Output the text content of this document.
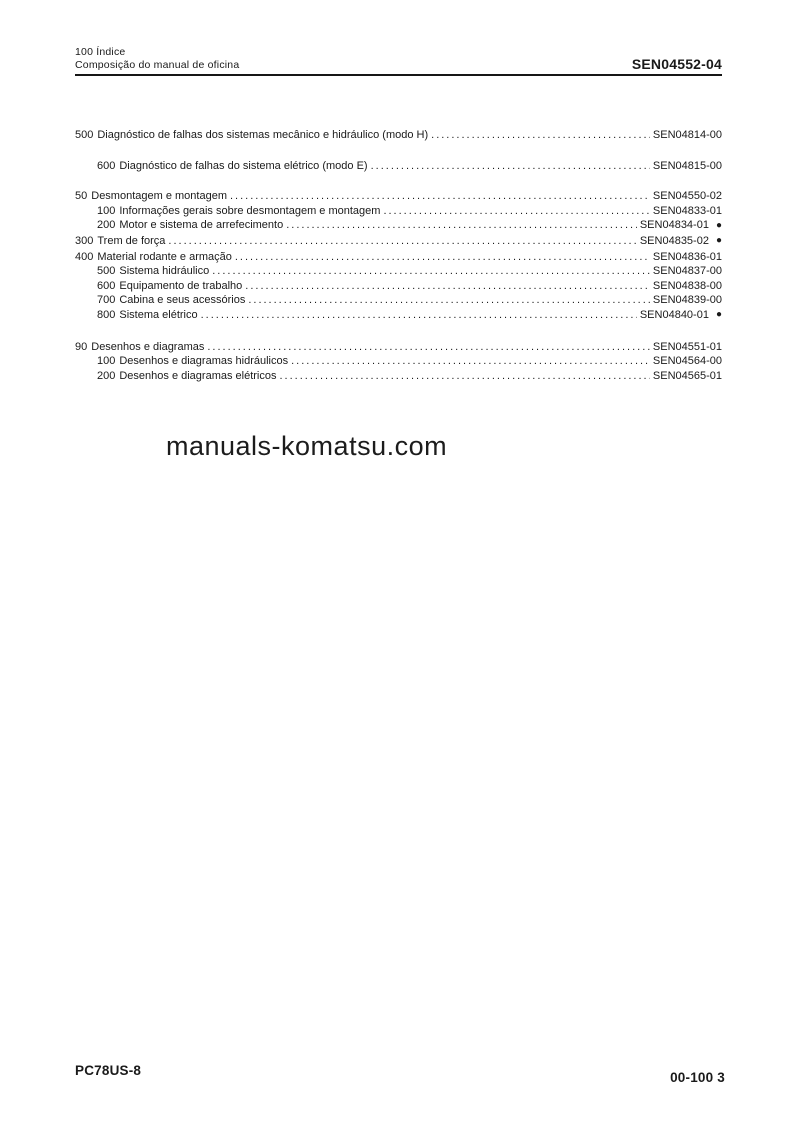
100 Índice
Composição do manual de oficina	SEN04552-04
500 Diagnóstico de falhas dos sistemas mecânico e hidráulico (modo H) .....	SEN04814-00
600 Diagnóstico de falhas do sistema elétrico (modo E) .....	SEN04815-00
50 Desmontagem e montagem .....	SEN04550-02
100 Informações gerais sobre desmontagem e montagem .....	SEN04833-01
200 Motor e sistema de arrefecimento .....	SEN04834-01 ●
300 Trem de força .....	SEN04835-02 ●
400 Material rodante e armação .....	SEN04836-01
500 Sistema hidráulico .....	SEN04837-00
600 Equipamento de trabalho .....	SEN04838-00
700 Cabina e seus acessórios .....	SEN04839-00
800 Sistema elétrico .....	SEN04840-01 ●
90 Desenhos e diagramas .....	SEN04551-01
100 Desenhos e diagramas hidráulicos .....	SEN04564-00
200 Desenhos e diagramas elétricos .....	SEN04565-01
manuals-komatsu.com
PC78US-8	00-100 3
